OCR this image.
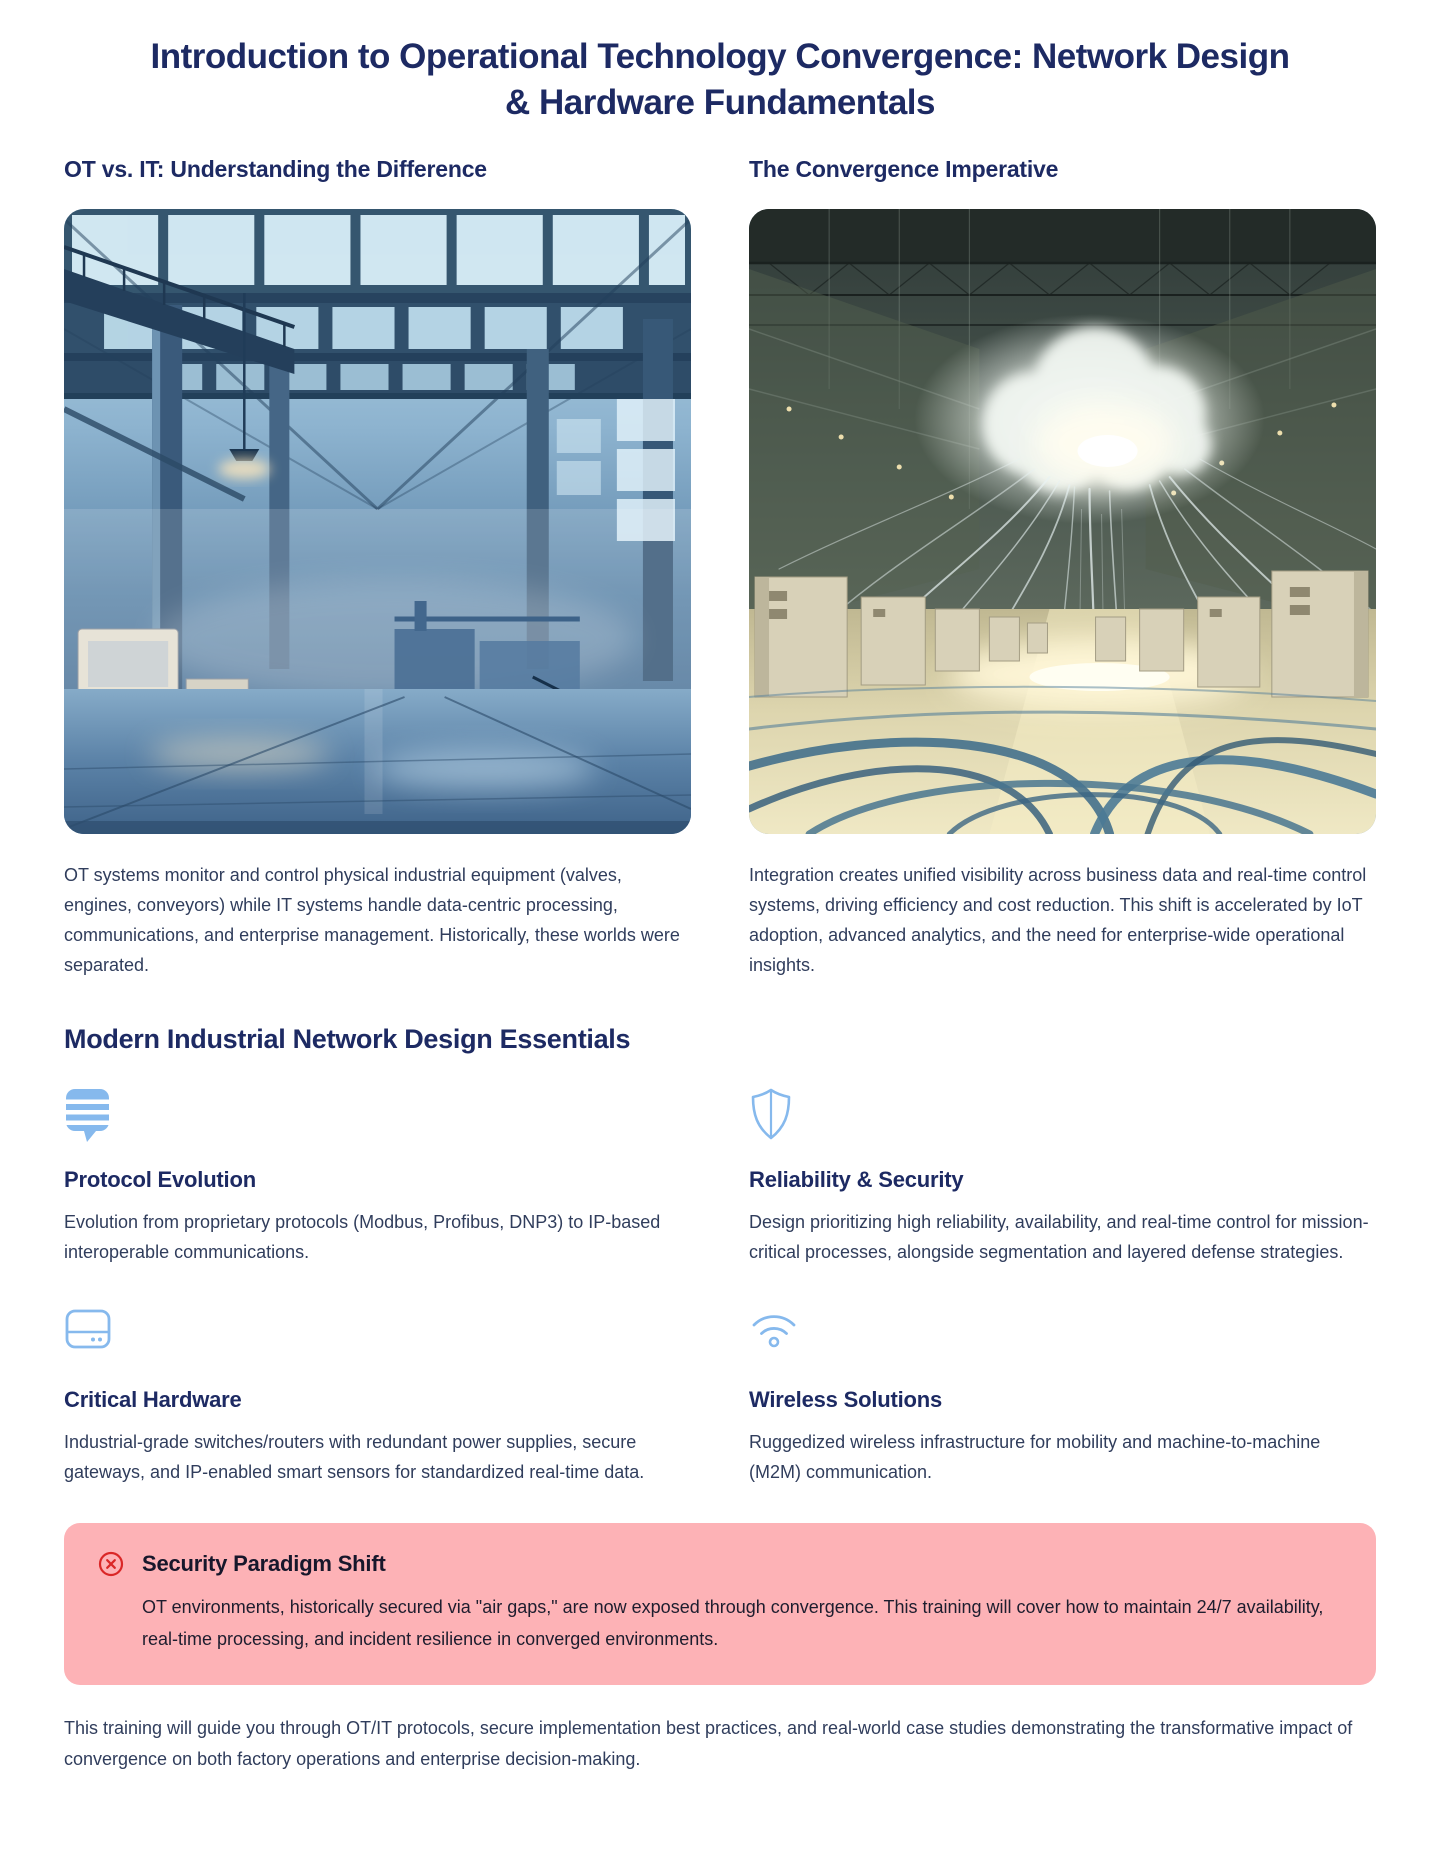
Introduction to Operational Technology Convergence: Network Design
& Hardware Fundamentals
OT vs. IT: Understanding the Difference

OT systems monitor and control physical industrial equipment (valves, engines, conveyors) while IT systems handle data-centric processing, communications, and enterprise management. Historically, these worlds were separated.

The Convergence Imperative

Integration creates unified visibility across business data and real-time control systems, driving efficiency and cost reduction. This shift is accelerated by IoT adoption, advanced analytics, and the need for enterprise-wide operational insights.

Modern Industrial Network Design Essentials
Protocol Evolution

Evolution from proprietary protocols (Modbus, Profibus, DNP3) to IP-based interoperable communications.

Reliability & Security

Design prioritizing high reliability, availability, and real-time control for mission-critical processes, alongside segmentation and layered defense strategies.

Critical Hardware

Industrial-grade switches/routers with redundant power supplies, secure gateways, and IP-enabled smart sensors for standardized real-time data.

Wireless Solutions

Ruggedized wireless infrastructure for mobility and machine-to-machine (M2M) communication.

Security Paradigm Shift

OT environments, historically secured via "air gaps," are now exposed through convergence. This training will cover how to maintain 24/7 availability, real-time processing, and incident resilience in converged environments.

This training will guide you through OT/IT protocols, secure implementation best practices, and real-world case studies demonstrating the transformative impact of convergence on both factory operations and enterprise decision-making.
